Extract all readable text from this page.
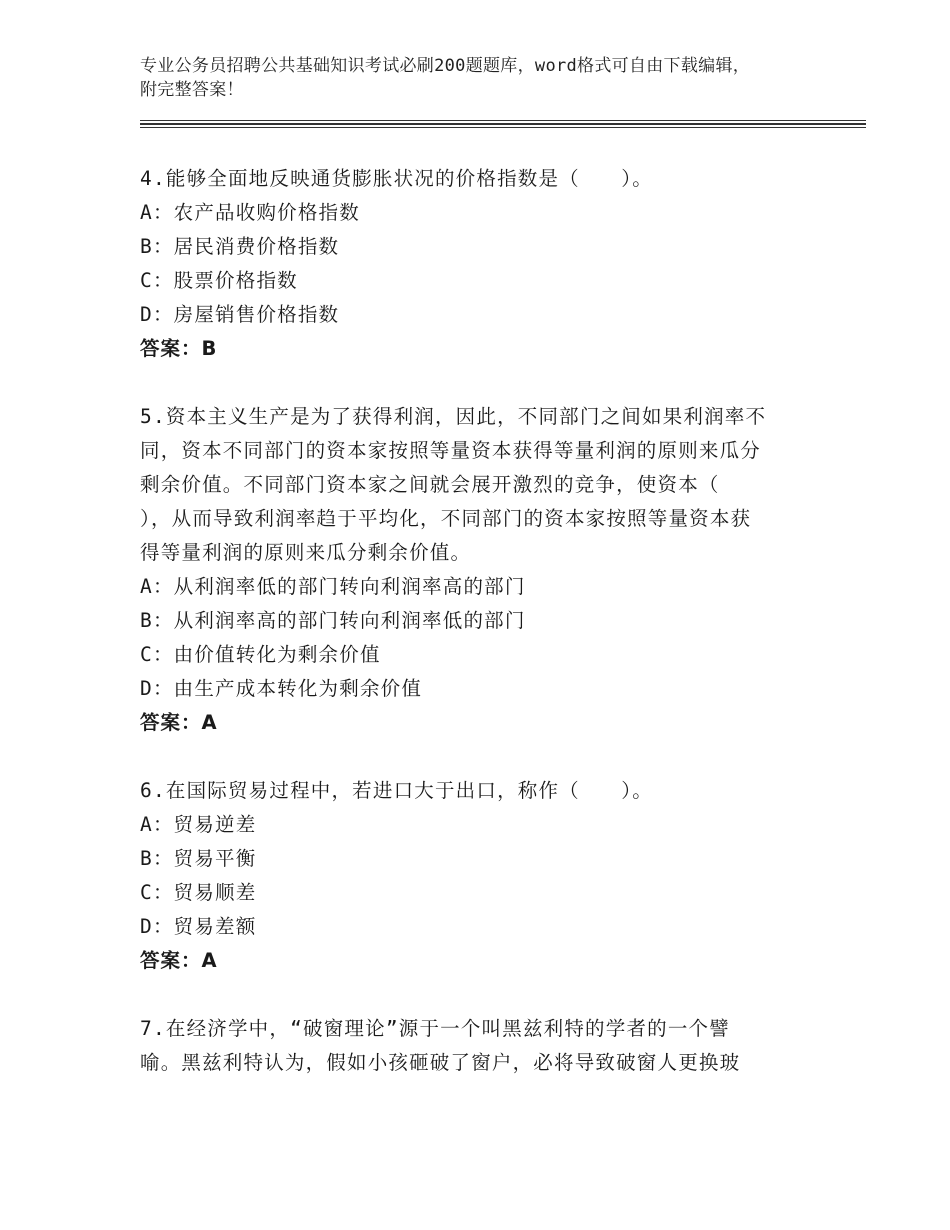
专业公务员招聘公共基础知识考试必刷200题题库，word格式可自由下载编辑，
附完整答案！

4.能够全面地反映通货膨胀状况的价格指数是（　　）。

A：农产品收购价格指数

B：居民消费价格指数

C：股票价格指数

D：房屋销售价格指数

答案：B

5.资本主义生产是为了获得利润，因此，不同部门之间如果利润率不

同，资本不同部门的资本家按照等量资本获得等量利润的原则来瓜分

剩余价值。不同部门资本家之间就会展开激烈的竞争，使资本（

），从而导致利润率趋于平均化，不同部门的资本家按照等量资本获

得等量利润的原则来瓜分剩余价值。

A：从利润率低的部门转向利润率高的部门

B：从利润率高的部门转向利润率低的部门

C：由价值转化为剩余价值

D：由生产成本转化为剩余价值

答案：A

6.在国际贸易过程中，若进口大于出口，称作（　　）。

A：贸易逆差

B：贸易平衡

C：贸易顺差

D：贸易差额

答案：A

7.在经济学中，“破窗理论”源于一个叫黑兹利特的学者的一个譬

喻。黑兹利特认为，假如小孩砸破了窗户，必将导致破窗人更换玻
